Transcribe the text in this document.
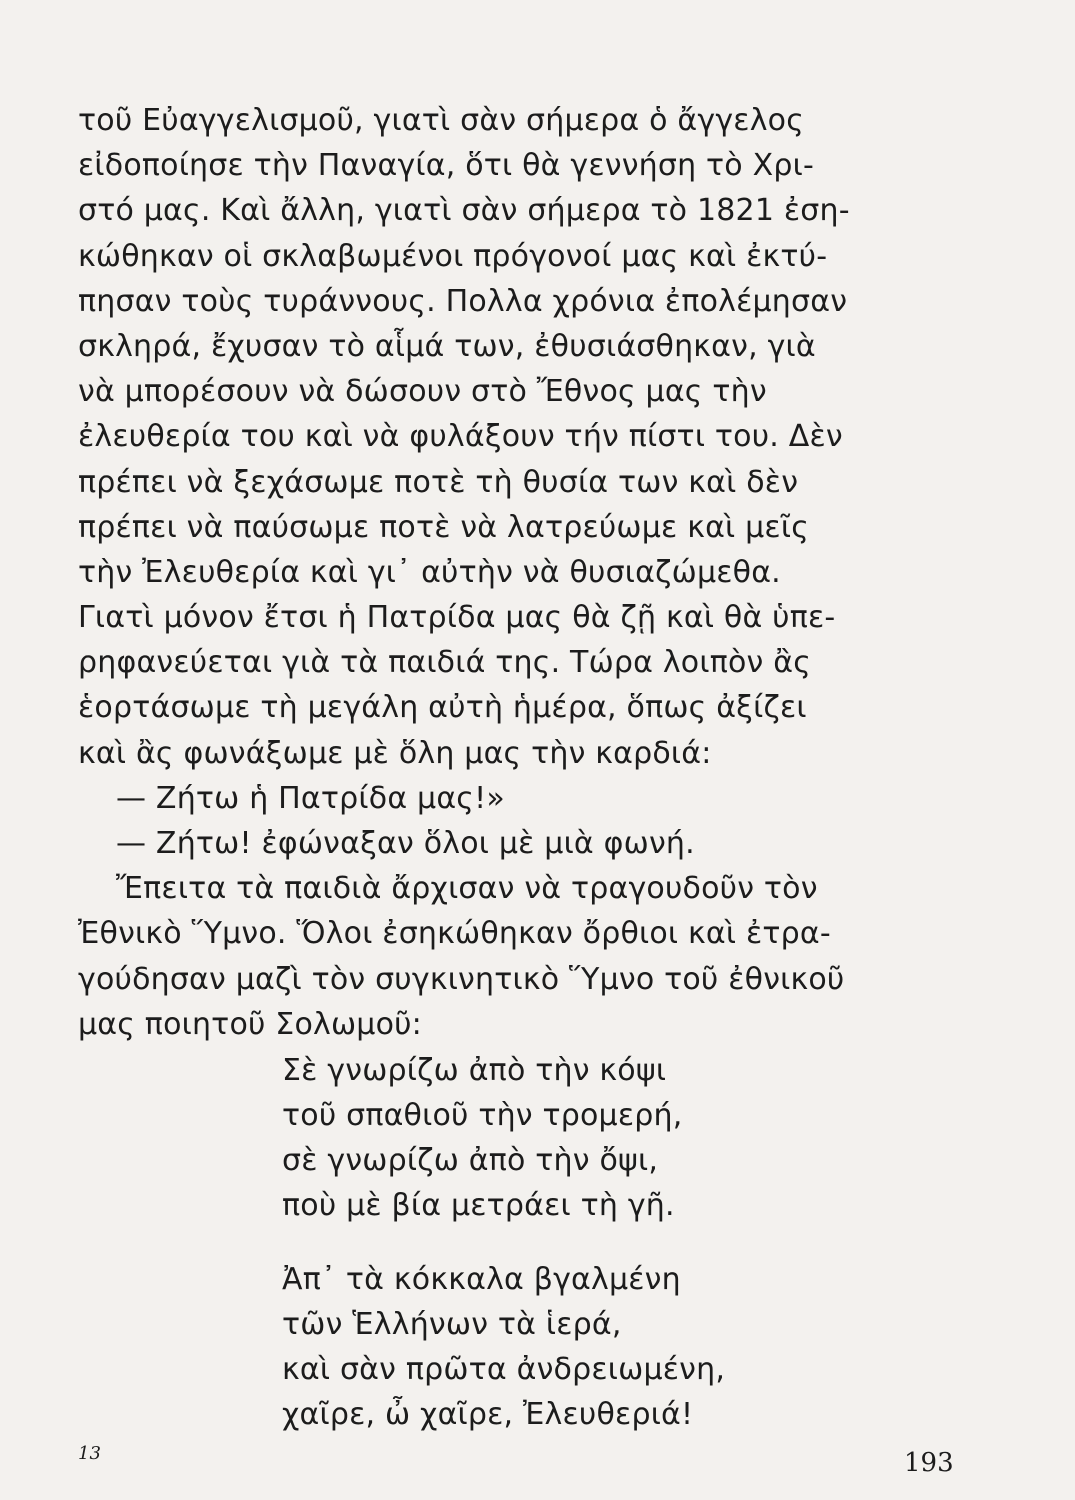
τοῦ Εὐαγγελισμοῦ, γιατὶ σὰν σήμερα ὁ ἄγγελος
εἰδοποίησε τὴν Παναγία, ὅτι θὰ γεννήση τὸ Χρι-
στό μας. Καὶ ἄλλη, γιατὶ σὰν σήμερα τὸ 1821 ἐση-
κώθηκαν οἱ σκλαβωμένοι πρόγονοί μας καὶ ἐκτύ-
πησαν τοὺς τυράννους. Πολλα χρόνια ἐπολέμησαν
σκληρά, ἔχυσαν τὸ αἷμά των, ἐθυσιάσθηκαν, γιὰ
νὰ μπορέσουν νὰ δώσουν στὸ Ἔθνος μας τὴν
ἐλευθερία του καὶ νὰ φυλάξουν τήν πίστι του. Δὲν
πρέπει νὰ ξεχάσωμε ποτὲ τὴ θυσία των καὶ δὲν
πρέπει νὰ παύσωμε ποτὲ νὰ λατρεύωμε καὶ μεῖς
τὴν Ἐλευθερία καὶ γι᾽ αὐτὴν νὰ θυσιαζώμεθα.
Γιατὶ μόνον ἔτσι ἡ Πατρίδα μας θὰ ζῇ καὶ θὰ ὑπε-
ρηφανεύεται γιὰ τὰ παιδιά της. Τώρα λοιπὸν ἂς
ἑορτάσωμε τὴ μεγάλη αὐτὴ ἡμέρα, ὅπως ἀξίζει
καὶ ἂς φωνάξωμε μὲ ὅλη μας τὴν καρδιά:
— Ζήτω ἡ Πατρίδα μας!»
— Ζήτω! ἐφώναξαν ὅλοι μὲ μιὰ φωνή.
Ἔπειτα τὰ παιδιὰ ἄρχισαν νὰ τραγουδοῦν τὸν
Ἐθνικὸ Ὕμνο. Ὅλοι ἐσηκώθηκαν ὄρθιοι καὶ ἐτρα-
γούδησαν μαζὶ τὸν συγκινητικὸ Ὕμνο τοῦ ἐθνικοῦ
μας ποιητοῦ Σολωμοῦ:
Σὲ γνωρίζω ἀπὸ τὴν κόψι
τοῦ σπαθιοῦ τὴν τρομερή,
σὲ γνωρίζω ἀπὸ τὴν ὄψι,
ποὺ μὲ βία μετράει τὴ γῆ.
Ἀπ᾽ τὰ κόκκαλα βγαλμένη
τῶν Ἑλλήνων τὰ ἱερά,
καὶ σὰν πρῶτα ἀνδρειωμένη,
χαῖρε, ὦ χαῖρε, Ἐλευθεριά!
13	193
